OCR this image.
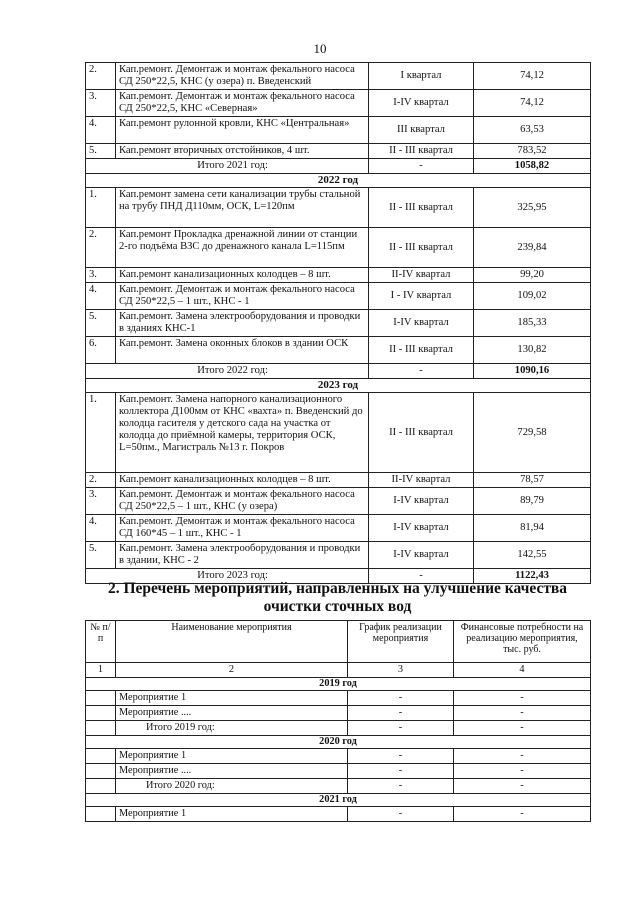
10
2.	Кап.ремонт. Демонтаж и монтаж фекального насоса СД 250*22,5, КНС (у озера) п. Введенский	I квартал	74,12
3.	Кап.ремонт. Демонтаж и монтаж фекального насоса СД 250*22,5, КНС «Северная»	I-IV квартал	74,12
4.	Кап.ремонт рулонной кровли, КНС «Центральная»	III квартал	63,53
5.	Кап.ремонт вторичных отстойников, 4 шт.	II - III квартал	783,52
Итого 2021 год:		-	1058,82
2022 год			
1.	Кап.ремонт замена сети канализации трубы стальной на трубу ПНД Д110мм, ОСК, L=120пм	II - III квартал	325,95
2.	Кап.ремонт Прокладка дренажной линии от станции 2-го подъёма ВЗС до дренажного канала L=115пм	II - III квартал	239,84
3.	Кап.ремонт канализационных колодцев – 8 шт.	II-IV квартал	99,20
4.	Кап.ремонт. Демонтаж и монтаж фекального насоса СД 250*22,5 – 1 шт., КНС - 1	I - IV квартал	109,02
5.	Кап.ремонт. Замена электрооборудования и проводки в зданиях КНС-1	I-IV квартал	185,33
6.	Кап.ремонт. Замена оконных блоков в здании ОСК	II - III квартал	130,82
Итого 2022 год:		-	1090,16
2023 год			
1.	Кап.ремонт. Замена напорного канализационного коллектора Д100мм от КНС «вахта» п. Введенский до колодца гасителя у детского сада на участка от колодца до приёмной камеры, территория ОСК, L=50пм., Магистраль №13 г. Покров	II - III квартал	729,58
2.	Кап.ремонт канализационных колодцев – 8 шт.	II-IV квартал	78,57
3.	Кап.ремонт. Демонтаж и монтаж фекального насоса СД 250*22,5 – 1 шт., КНС (у озера)	I-IV квартал	89,79
4.	Кап.ремонт. Демонтаж и монтаж фекального насоса СД 160*45 – 1 шт., КНС - 1	I-IV квартал	81,94
5.	Кап.ремонт. Замена электрооборудования и проводки в здании, КНС - 2	I-IV квартал	142,55
Итого 2023 год:		-	1122,43
2. Перечень мероприятий, направленных на улучшение качества очистки сточных вод
№ п/п	Наименование мероприятия	График реализации мероприятия	Финансовые потребности на реализацию мероприятия, тыс. руб.
1	2	3	4
2019 год			
	Мероприятие 1	-	-
	Мероприятие ....	-	-
	Итого 2019 год:	-	-
2020 год			
	Мероприятие 1	-	-
	Мероприятие ....	-	-
	Итого 2020 год:	-	-
2021 год			
	Мероприятие 1	-	-
